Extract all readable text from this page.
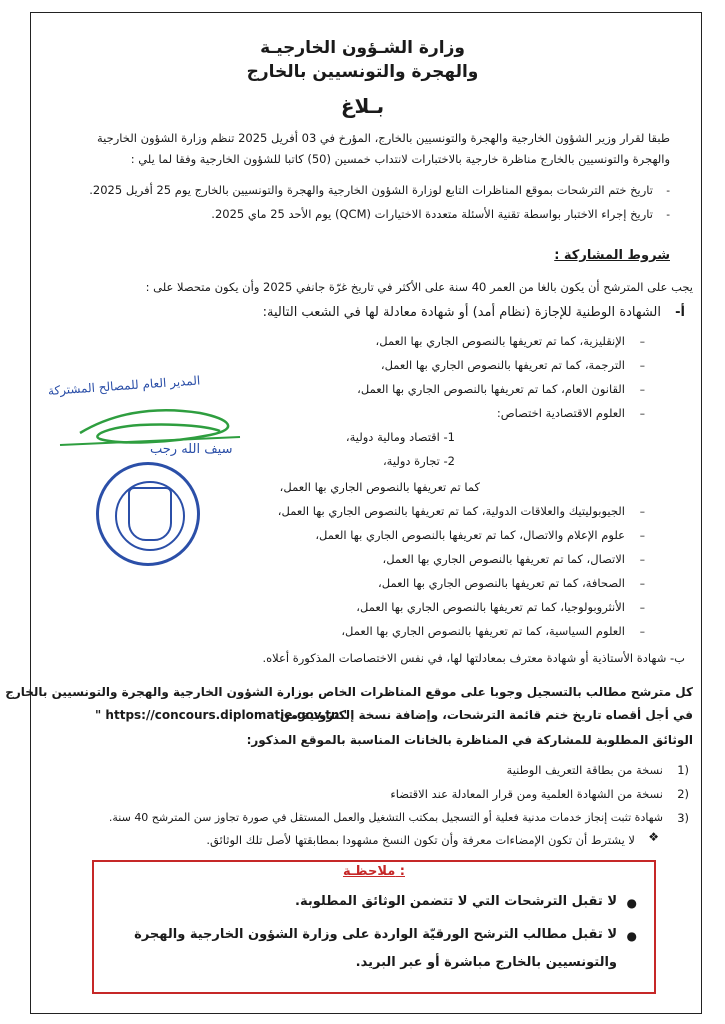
وزارة الشـؤون الخارجيـة
والهجرة والتونسيين بالخارج
بـلاغ
طبقا لقرار وزير الشؤون الخارجية والهجرة والتونسيين بالخارج، المؤرخ في 03 أفريل 2025 تنظم وزارة الشؤون الخارجية
والهجرة والتونسيين بالخارج مناظرة خارجية بالاختبارات لانتداب خمسين (50) كاتبا للشؤون الخارجية وفقا لما يلي :
-
تاريخ ختم الترشحات بموقع المناظرات التابع لوزارة الشؤون الخارجية والهجرة والتونسيين بالخارج يوم 25 أفريل 2025.
-
تاريخ إجراء الاختبار بواسطة تقنية الأسئلة متعددة الاختيارات (QCM) يوم الأحد 25 ماي 2025.
شروط المشاركة :
يجب على المترشح أن يكون بالغا من العمر 40 سنة على الأكثر في تاريخ غرّة جانفي 2025 وأن يكون متحصلا على :
أ-
الشهادة الوطنية للإجازة (نظام أمد) أو شهادة معادلة لها في الشعب التالية:
–
الإنقليزية، كما تم تعريفها بالنصوص الجاري بها العمل،
–
الترجمة، كما تم تعريفها بالنصوص الجاري بها العمل،
–
القانون العام، كما تم تعريفها بالنصوص الجاري بها العمل،
–
العلوم الاقتصادية اختصاص:
1- اقتصاد ومالية دولية،
2- تجارة دولية،
كما تم تعريفها بالنصوص الجاري بها العمل،
–
الجيوبوليتيك والعلاقات الدولية، كما تم تعريفها بالنصوص الجاري بها العمل،
–
علوم الإعلام والاتصال، كما تم تعريفها بالنصوص الجاري بها العمل،
–
الاتصال، كما تم تعريفها بالنصوص الجاري بها العمل،
–
الصحافة، كما تم تعريفها بالنصوص الجاري بها العمل،
–
الأنثروبولوجيا، كما تم تعريفها بالنصوص الجاري بها العمل،
–
العلوم السياسية، كما تم تعريفها بالنصوص الجاري بها العمل،
ب- شهادة الأستاذية أو شهادة معترف بمعادلتها لها، في نفس الاختصاصات المذكورة أعلاه.
كل مترشح مطالب بالتسجيل وجوبا على موقع المناظرات الخاص بوزارة الشؤون الخارجية والهجرة والتونسيين بالخارج
في أجل أقصاه تاريخ ختم قائمة الترشحات، وإضافة نسخة إلكترونية من
" https://concours.diplomatie.gov.tn "
الوثائق المطلوبة للمشاركة في المناظرة بالخانات المناسبة بالموقع المذكور:
1)
نسخة من بطاقة التعريف الوطنية
2)
نسخة من الشهادة العلمية ومن قرار المعادلة عند الاقتضاء
3)
شهادة تثبت إنجاز خدمات مدنية فعلية أو التسجيل بمكتب التشغيل والعمل المستقل في صورة تجاوز سن المترشح 40 سنة.
❖
لا يشترط أن تكون الإمضاءات معرفة وأن تكون النسخ مشهودا بمطابقتها لأصل تلك الوثائق.
ملاحظـة :
●
لا تقبل الترشحات التي لا تتضمن الوثائق المطلوبة.
●
لا تقبل مطالب الترشح الورقيّة الواردة على وزارة الشؤون الخارجية والهجرة
والتونسيين بالخارج مباشرة أو عبر البريد.
المدير العام للمصالح المشتركة
سيف الله رجب
